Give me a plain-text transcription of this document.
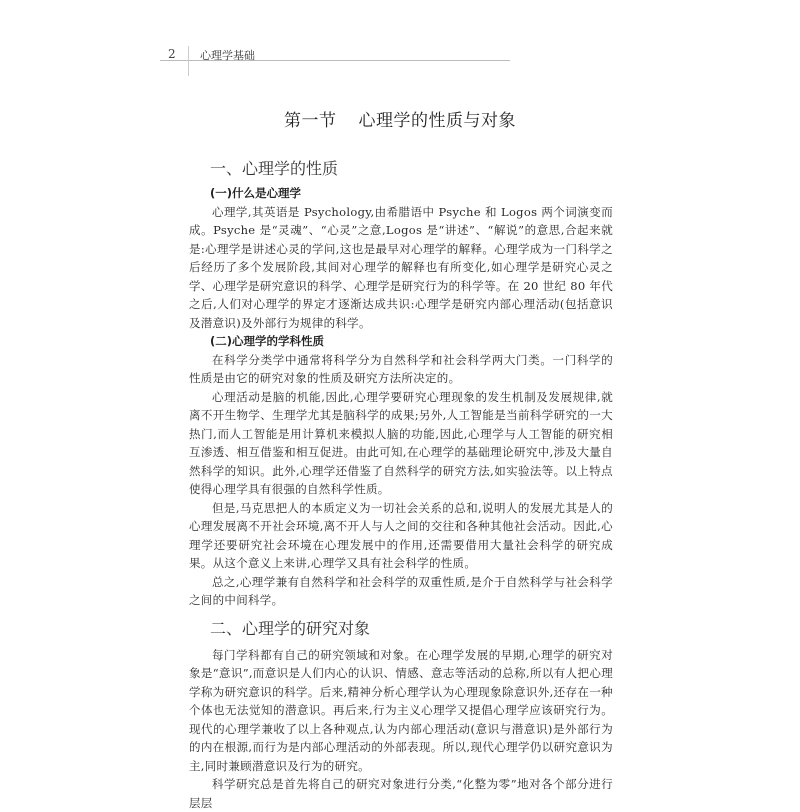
2 心理学基础
第一节 心理学的性质与对象
一、心理学的性质
(一)什么是心理学

心理学,其英语是 Psychology,由希腊语中 Psyche 和 Logos 两个词演变而成。Psyche 是“灵魂”、“心灵”之意,Logos 是“讲述”、“解说”的意思,合起来就是:心理学是讲述心灵的学问,这也是最早对心理学的解释。心理学成为一门科学之后经历了多个发展阶段,其间对心理学的解释也有所变化,如心理学是研究心灵之学、心理学是研究意识的科学、心理学是研究行为的科学等。在 20 世纪 80 年代之后,人们对心理学的界定才逐渐达成共识:心理学是研究内部心理活动(包括意识及潜意识)及外部行为规律的科学。

(二)心理学的学科性质

在科学分类学中通常将科学分为自然科学和社会科学两大门类。一门科学的性质是由它的研究对象的性质及研究方法所决定的。

心理活动是脑的机能,因此,心理学要研究心理现象的发生机制及发展规律,就离不开生物学、生理学尤其是脑科学的成果;另外,人工智能是当前科学研究的一大热门,而人工智能是用计算机来模拟人脑的功能,因此,心理学与人工智能的研究相互渗透、相互借鉴和相互促进。由此可知,在心理学的基础理论研究中,涉及大量自然科学的知识。此外,心理学还借鉴了自然科学的研究方法,如实验法等。以上特点使得心理学具有很强的自然科学性质。

但是,马克思把人的本质定义为一切社会关系的总和,说明人的发展尤其是人的心理发展离不开社会环境,离不开人与人之间的交往和各种其他社会活动。因此,心理学还要研究社会环境在心理发展中的作用,还需要借用大量社会科学的研究成果。从这个意义上来讲,心理学又具有社会科学的性质。

总之,心理学兼有自然科学和社会科学的双重性质,是介于自然科学与社会科学之间的中间科学。

二、心理学的研究对象

每门学科都有自己的研究领域和对象。在心理学发展的早期,心理学的研究对象是“意识”,而意识是人们内心的认识、情感、意志等活动的总称,所以有人把心理学称为研究意识的科学。后来,精神分析心理学认为心理现象除意识外,还存在一种个体也无法觉知的潜意识。再后来,行为主义心理学又提倡心理学应该研究行为。现代的心理学兼收了以上各种观点,认为内部心理活动(意识与潜意识)是外部行为的内在根源,而行为是内部心理活动的外部表现。所以,现代心理学仍以研究意识为主,同时兼顾潜意识及行为的研究。

科学研究总是首先将自己的研究对象进行分类,“化整为零”地对各个部分进行层层
